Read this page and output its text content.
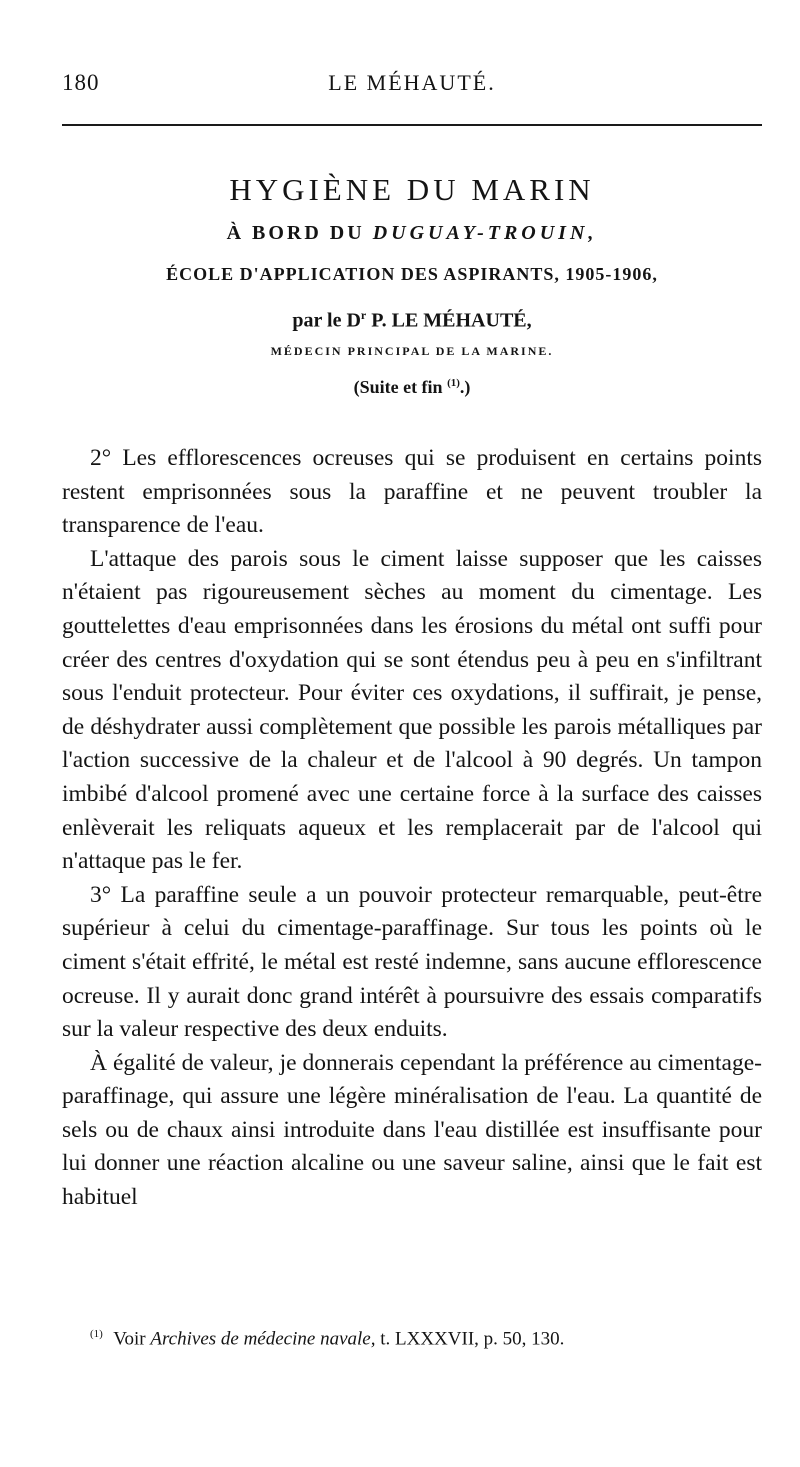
180	LE MÉHAUTÉ.
HYGIÈNE DU MARIN
À BORD DU DUGUAY-TROUIN,
ÉCOLE D'APPLICATION DES ASPIRANTS, 1905-1906,
par le $D^r$ P. LE MÉHAUTÉ,
MÉDECIN PRINCIPAL DE LA MARINE.
(Suite et fin $^{(1)}$.)

2° Les efflorescences ocreuses qui se produisent en certains points restent emprisonnées sous la paraffine et ne peuvent troubler la transparence de l'eau.

L'attaque des parois sous le ciment laisse supposer que les caisses n'étaient pas rigoureusement sèches au moment du cimentage. Les gouttelettes d'eau emprisonnées dans les érosions du métal ont suffi pour créer des centres d'oxydation qui se sont étendus peu à peu en s'infiltrant sous l'enduit protecteur. Pour éviter ces oxydations, il suffirait, je pense, de déshydrater aussi complètement que possible les parois métalliques par l'action successive de la chaleur et de l'alcool à 90 degrés. Un tampon imbibé d'alcool promené avec une certaine force à la surface des caisses enlèverait les reliquats aqueux et les remplacerait par de l'alcool qui n'attaque pas le fer.

3° La paraffine seule a un pouvoir protecteur remarquable, peut-être supérieur à celui du cimentage-paraffinage. Sur tous les points où le ciment s'était effrité, le métal est resté indemne, sans aucune efflorescence ocreuse. Il y aurait donc grand intérêt à poursuivre des essais comparatifs sur la valeur respective des deux enduits.

À égalité de valeur, je donnerais cependant la préférence au cimentage-paraffinage, qui assure une légère minéralisation de l'eau. La quantité de sels ou de chaux ainsi introduite dans l'eau distillée est insuffisante pour lui donner une réaction alcaline ou une saveur saline, ainsi que le fait est habituel

$^{(1)}$ Voir Archives de médecine navale, t. LXXXVII, p. 50, 130.
